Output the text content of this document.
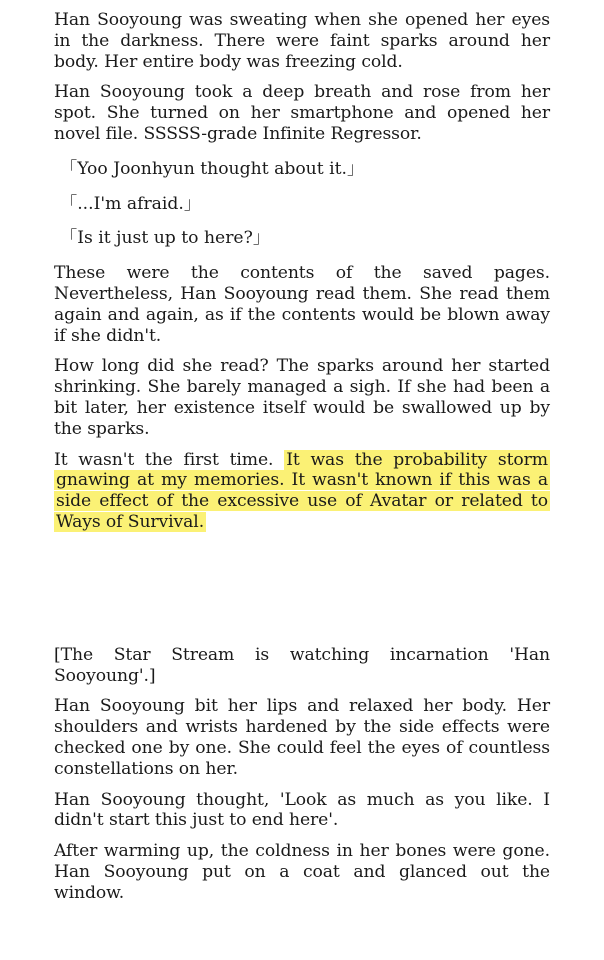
Han Sooyoung was sweating when she opened her eyes in the darkness. There were faint sparks around her body. Her entire body was freezing cold.

Han Sooyoung took a deep breath and rose from her spot. She turned on her smartphone and opened her novel file. SSSSS-grade Infinite Regressor.

「Yoo Joonhyun thought about it.」
「...I'm afraid.」
「Is it just up to here?」

These were the contents of the saved pages. Nevertheless, Han Sooyoung read them. She read them again and again, as if the contents would be blown away if she didn't.

How long did she read? The sparks around her started shrinking. She barely managed a sigh. If she had been a bit later, her existence itself would be swallowed up by the sparks.

It wasn't the first time. It was the probability storm gnawing at my memories. It wasn't known if this was a side effect of the excessive use of Avatar or related to Ways of Survival.

[The Star Stream is watching incarnation 'Han Sooyoung'.]

Han Sooyoung bit her lips and relaxed her body. Her shoulders and wrists hardened by the side effects were checked one by one. She could feel the eyes of countless constellations on her.

Han Sooyoung thought, 'Look as much as you like. I didn't start this just to end here'.

After warming up, the coldness in her bones were gone. Han Sooyoung put on a coat and glanced out the window.
